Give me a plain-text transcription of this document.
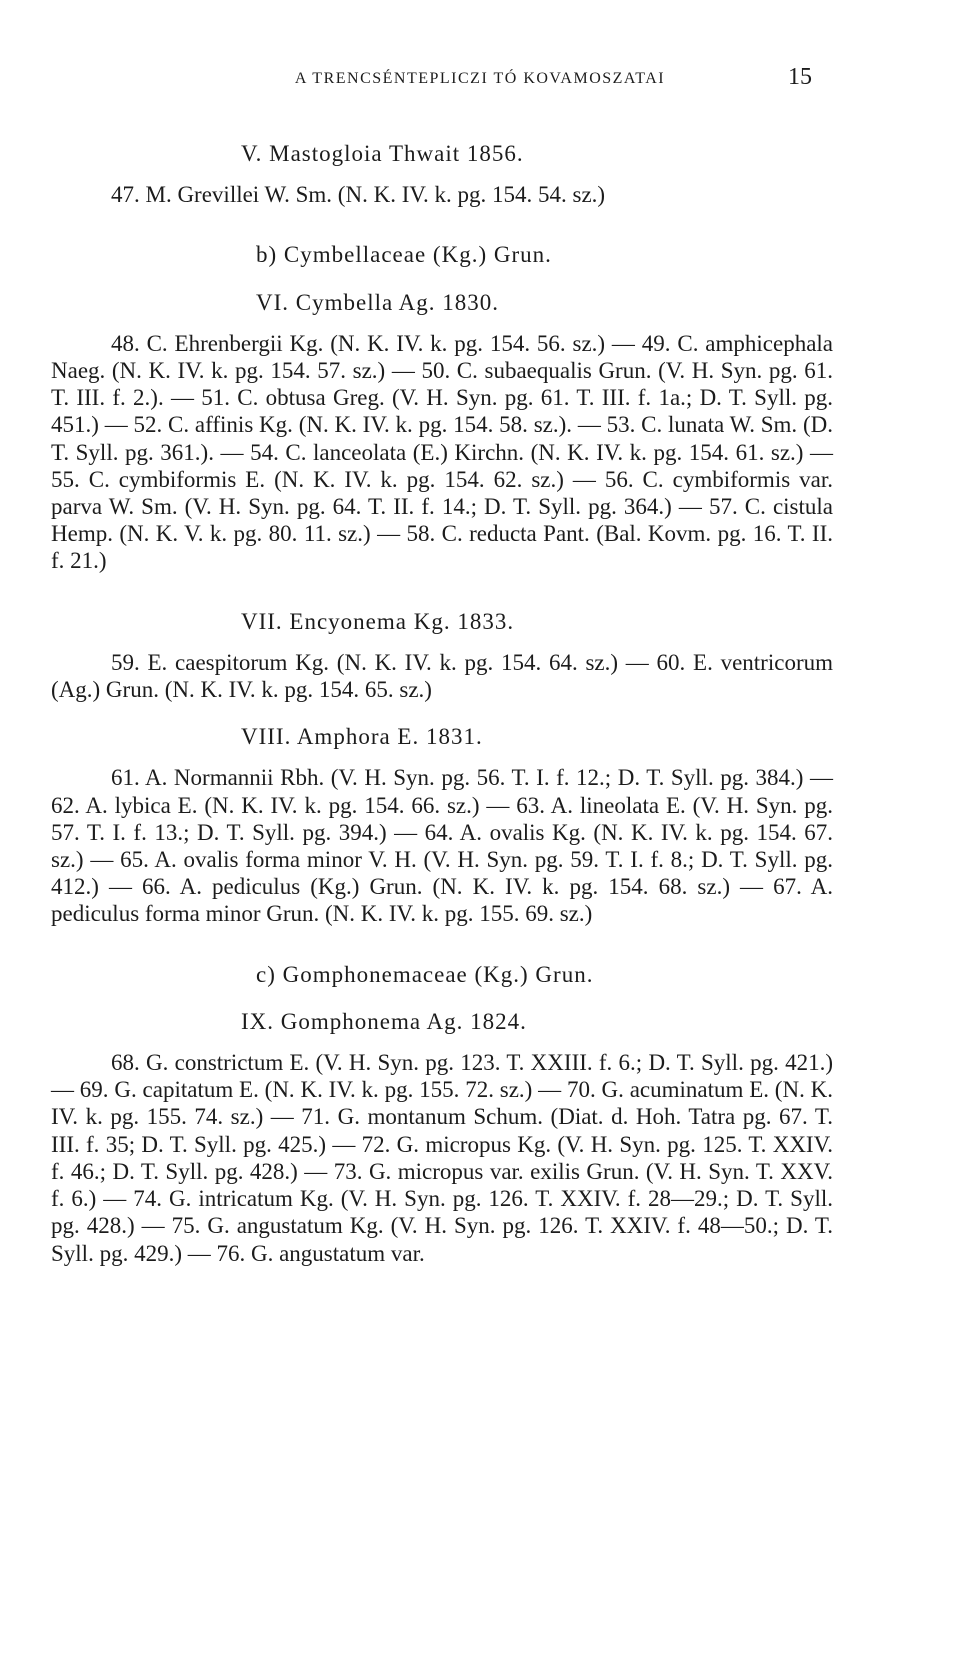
A TRENCSÉNTEPLICZI TÓ KOVAMOSZATAI	15

V. Mastogloia Thwait 1856.

47. M. Grevillei W. Sm. (N. K. IV. k. pg. 154. 54. sz.)

b) Cymbellaceae (Kg.) Grun.

VI. Cymbella Ag. 1830.

48. C. Ehrenbergii Kg. (N. K. IV. k. pg. 154. 56. sz.) — 49. C. amphicephala Naeg. (N. K. IV. k. pg. 154. 57. sz.) — 50. C. subaequalis Grun. (V. H. Syn. pg. 61. T. III. f. 2.). — 51. C. obtusa Greg. (V. H. Syn. pg. 61. T. III. f. 1a.; D. T. Syll. pg. 451.) — 52. C. affinis Kg. (N. K. IV. k. pg. 154. 58. sz.). — 53. C. lunata W. Sm. (D. T. Syll. pg. 361.). — 54. C. lanceolata (E.) Kirchn. (N. K. IV. k. pg. 154. 61. sz.) — 55. C. cymbiformis E. (N. K. IV. k. pg. 154. 62. sz.) — 56. C. cymbiformis var. parva W. Sm. (V. H. Syn. pg. 64. T. II. f. 14.; D. T. Syll. pg. 364.) — 57. C. cistula Hemp. (N. K. V. k. pg. 80. 11. sz.) — 58. C. reducta Pant. (Bal. Kovm. pg. 16. T. II. f. 21.)

VII. Encyonema Kg. 1833.

59. E. caespitorum Kg. (N. K. IV. k. pg. 154. 64. sz.) — 60. E. ventricorum (Ag.) Grun. (N. K. IV. k. pg. 154. 65. sz.)

VIII. Amphora E. 1831.

61. A. Normannii Rbh. (V. H. Syn. pg. 56. T. I. f. 12.; D. T. Syll. pg. 384.) — 62. A. lybica E. (N. K. IV. k. pg. 154. 66. sz.) — 63. A. lineolata E. (V. H. Syn. pg. 57. T. I. f. 13.; D. T. Syll. pg. 394.) — 64. A. ovalis Kg. (N. K. IV. k. pg. 154. 67. sz.) — 65. A. ovalis forma minor V. H. (V. H. Syn. pg. 59. T. I. f. 8.; D. T. Syll. pg. 412.) — 66. A. pediculus (Kg.) Grun. (N. K. IV. k. pg. 154. 68. sz.) — 67. A. pediculus forma minor Grun. (N. K. IV. k. pg. 155. 69. sz.)

c) Gomphonemaceae (Kg.) Grun.

IX. Gomphonema Ag. 1824.

68. G. constrictum E. (V. H. Syn. pg. 123. T. XXIII. f. 6.; D. T. Syll. pg. 421.) — 69. G. capitatum E. (N. K. IV. k. pg. 155. 72. sz.) — 70. G. acuminatum E. (N. K. IV. k. pg. 155. 74. sz.) — 71. G. montanum Schum. (Diat. d. Hoh. Tatra pg. 67. T. III. f. 35; D. T. Syll. pg. 425.) — 72. G. micropus Kg. (V. H. Syn. pg. 125. T. XXIV. f. 46.; D. T. Syll. pg. 428.) — 73. G. micropus var. exilis Grun. (V. H. Syn. T. XXV. f. 6.) — 74. G. intricatum Kg. (V. H. Syn. pg. 126. T. XXIV. f. 28—29.; D. T. Syll. pg. 428.) — 75. G. angustatum Kg. (V. H. Syn. pg. 126. T. XXIV. f. 48—50.; D. T. Syll. pg. 429.) — 76. G. angustatum var.
